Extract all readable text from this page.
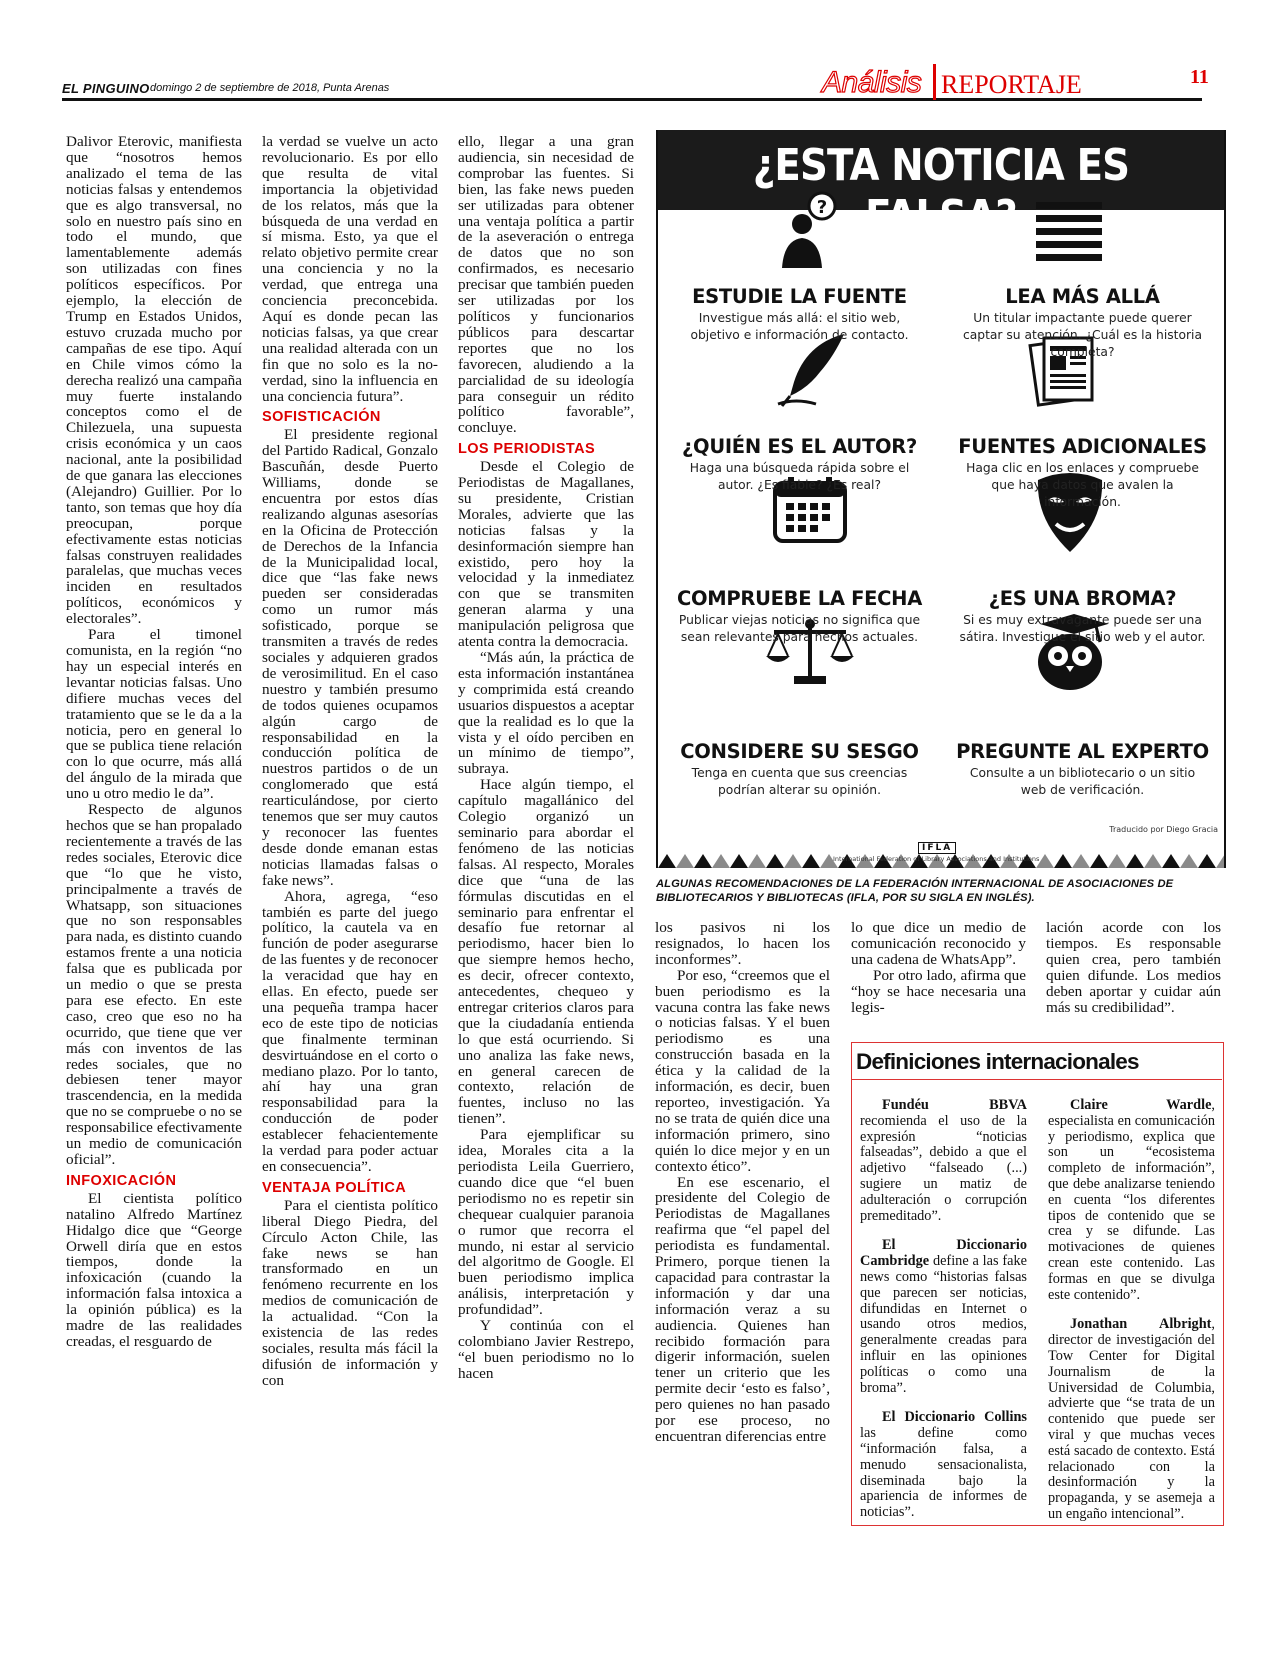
EL PINGUINO domingo 2 de septiembre de 2018, Punta Arenas	Análisis REPORTAJE	11

Dalivor Eterovic, manifiesta que “nosotros hemos analizado el tema de las noticias falsas y entendemos que es algo transversal, no solo en nuestro país sino en todo el mundo, que lamentablemente además son utilizadas con fines políticos específicos. Por ejemplo, la elección de Trump en Estados Unidos, estuvo cruzada mucho por campañas de ese tipo. Aquí en Chile vimos cómo la derecha realizó una campaña muy fuerte instalando conceptos como el de Chilezuela, una supuesta crisis económica y un caos nacional, ante la posibilidad de que ganara las elecciones (Alejandro) Guillier. Por lo tanto, son temas que hoy día preocupan, porque efectivamente estas noticias falsas construyen realidades paralelas, que muchas veces inciden en resultados políticos, económicos y electorales”.

Para el timonel comunista, en la región “no hay un especial interés en levantar noticias falsas. Uno difiere muchas veces del tratamiento que se le da a la noticia, pero en general lo que se publica tiene relación con lo que ocurre, más allá del ángulo de la mirada que uno u otro medio le da”.

Respecto de algunos hechos que se han propalado recientemente a través de las redes sociales, Eterovic dice que “lo que he visto, principalmente a través de Whatsapp, son situaciones que no son responsables para nada, es distinto cuando estamos frente a una noticia falsa que es publicada por un medio o que se presta para ese efecto. En este caso, creo que eso no ha ocurrido, que tiene que ver más con inventos de las redes sociales, que no debiesen tener mayor trascendencia, en la medida que no se compruebe o no se responsabilice efectivamente un medio de comunicación oficial”.

INFOXICACIÓN

El cientista político natalino Alfredo Martínez Hidalgo dice que “George Orwell diría que en estos tiempos, donde la infoxicación (cuando la información falsa intoxica a la opinión pública) es la madre de las realidades creadas, el resguardo de

la verdad se vuelve un acto revolucionario. Es por ello que resulta de vital importancia la objetividad de los relatos, más que la búsqueda de una verdad en sí misma. Esto, ya que el relato objetivo permite crear una conciencia y no la verdad, que entrega una conciencia preconcebida. Aquí es donde pecan las noticias falsas, ya que crear una realidad alterada con un fin que no solo es la no-verdad, sino la influencia en una conciencia futura”.

SOFISTICACIÓN

El presidente regional del Partido Radical, Gonzalo Bascuñán, desde Puerto Williams, donde se encuentra por estos días realizando algunas asesorías en la Oficina de Protección de Derechos de la Infancia de la Municipalidad local, dice que “las fake news pueden ser consideradas como un rumor más sofisticado, porque se transmiten a través de redes sociales y adquieren grados de verosimilitud. En el caso nuestro y también presumo de todos quienes ocupamos algún cargo de responsabilidad en la conducción política de nuestros partidos o de un conglomerado que está rearticulándose, por cierto tenemos que ser muy cautos y reconocer las fuentes desde donde emanan estas noticias llamadas falsas o fake news”.

Ahora, agrega, “eso también es parte del juego político, la cautela va en función de poder asegurarse de las fuentes y de reconocer la veracidad que hay en ellas. En efecto, puede ser una pequeña trampa hacer eco de este tipo de noticias que finalmente terminan desvirtuándose en el corto o mediano plazo. Por lo tanto, ahí hay una gran responsabilidad para la conducción de poder establecer fehacientemente la verdad para poder actuar en consecuencia”.

VENTAJA POLÍTICA

Para el cientista político liberal Diego Piedra, del Círculo Acton Chile, las fake news se han transformado en un fenómeno recurrente en los medios de comunicación de la actualidad. “Con la existencia de las redes sociales, resulta más fácil la difusión de información y con

ello, llegar a una gran audiencia, sin necesidad de comprobar las fuentes. Si bien, las fake news pueden ser utilizadas para obtener una ventaja política a partir de la aseveración o entrega de datos que no son confirmados, es necesario precisar que también pueden ser utilizadas por los políticos y funcionarios públicos para descartar reportes que no los favorecen, aludiendo a la parcialidad de su ideología para conseguir un rédito político favorable”, concluye.

LOS PERIODISTAS

Desde el Colegio de Periodistas de Magallanes, su presidente, Cristian Morales, advierte que las noticias falsas y la desinformación siempre han existido, pero hoy la velocidad y la inmediatez con que se transmiten generan alarma y una manipulación peligrosa que atenta contra la democracia.

“Más aún, la práctica de esta información instantánea y comprimida está creando usuarios dispuestos a aceptar que la realidad es lo que la vista y el oído perciben en un mínimo de tiempo”, subraya.

Hace algún tiempo, el capítulo magallánico del Colegio organizó un seminario para abordar el fenómeno de las noticias falsas. Al respecto, Morales dice que “una de las fórmulas discutidas en el seminario para enfrentar el desafío fue retornar al periodismo, hacer bien lo que siempre hemos hecho, es decir, ofrecer contexto, antecedentes, chequeo y entregar criterios claros para que la ciudadanía entienda lo que está ocurriendo. Si uno analiza las fake news, en general carecen de contexto, relación de fuentes, incluso no las tienen”.

Para ejemplificar su idea, Morales cita a la periodista Leila Guerriero, cuando dice que “el buen periodismo no es repetir sin chequear cualquier paranoia o rumor que recorra el mundo, ni estar al servicio del algoritmo de Google. El buen periodismo implica análisis, interpretación y profundidad”.

Y continúa con el colombiano Javier Restrepo, “el buen periodismo no lo hacen

¿ESTA NOTICIA ES FALSA?
?
ESTUDIE LA FUENTE
Investigue más allá: el sitio web, objetivo e información de contacto.
LEA MÁS ALLÁ
Un titular impactante puede querer captar su atención. ¿Cuál es la historia completa?
¿QUIÉN ES EL AUTOR?
Haga una búsqueda rápida sobre el autor. ¿Es fiable? ¿Es real?
FUENTES ADICIONALES
Haga clic en los enlaces y compruebe que haya datos que avalen la información.
COMPRUEBE LA FECHA
Publicar viejas noticias no significa que sean relevantes para hechos actuales.
¿ES UNA BROMA?
Si es muy extravagante puede ser una sátira. Investigue el sitio web y el autor.
CONSIDERE SU SESGO
Tenga en cuenta que sus creencias podrían alterar su opinión.
PREGUNTE AL EXPERTO
Consulte a un bibliotecario o un sitio web de verificación.
Traducido por Diego Gracia
IFLA
International Federation of Library Associations and Institutions
ALGUNAS RECOMENDACIONES DE LA FEDERACIÓN INTERNACIONAL DE ASOCIACIONES DE BIBLIOTECARIOS Y BIBLIOTECAS (IFLA, POR SU SIGLA EN INGLÉS).

los pasivos ni los resignados, lo hacen los inconformes”.

Por eso, “creemos que el buen periodismo es la vacuna contra las fake news o noticias falsas. Y el buen periodismo es una construcción basada en la ética y la calidad de la información, es decir, buen reporteo, investigación. Ya no se trata de quién dice una información primero, sino quién lo dice mejor y en un contexto ético”.

En ese escenario, el presidente del Colegio de Periodistas de Magallanes reafirma que “el papel del periodista es fundamental. Primero, porque tienen la capacidad para contrastar la información y dar una información veraz a su audiencia. Quienes han recibido formación para digerir información, suelen tener un criterio que les permite decir ‘esto es falso’, pero quienes no han pasado por ese proceso, no encuentran diferencias entre

lo que dice un medio de comunicación reconocido y una cadena de WhatsApp”.

Por otro lado, afirma que “hoy se hace necesaria una legis-

lación acorde con los tiempos. Es responsable quien crea, pero también quien difunde. Los medios deben aportar y cuidar aún más su credibilidad”.

Definiciones internacionales

Fundéu BBVA recomienda el uso de la expresión “noticias falseadas”, debido a que el adjetivo “falseado (...) sugiere un matiz de adulteración o corrupción premeditado”.

El Diccionario Cambridge define a las fake news como “historias falsas que parecen ser noticias, difundidas en Internet o usando otros medios, generalmente creadas para influir en las opiniones políticas o como una broma”.

El Diccionario Collins las define como “información falsa, a menudo sensacionalista, diseminada bajo la apariencia de informes de noticias”.

Claire Wardle, especialista en comunicación y periodismo, explica que son un “ecosistema completo de información”, que debe analizarse teniendo en cuenta “los diferentes tipos de contenido que se crea y se difunde. Las motivaciones de quienes crean este contenido. Las formas en que se divulga este contenido”.

Jonathan Albright, director de investigación del Tow Center for Digital Journalism de la Universidad de Columbia, advierte que “se trata de un contenido que puede ser viral y que muchas veces está sacado de contexto. Está relacionado con la desinformación y la propaganda, y se asemeja a un engaño intencional”.
